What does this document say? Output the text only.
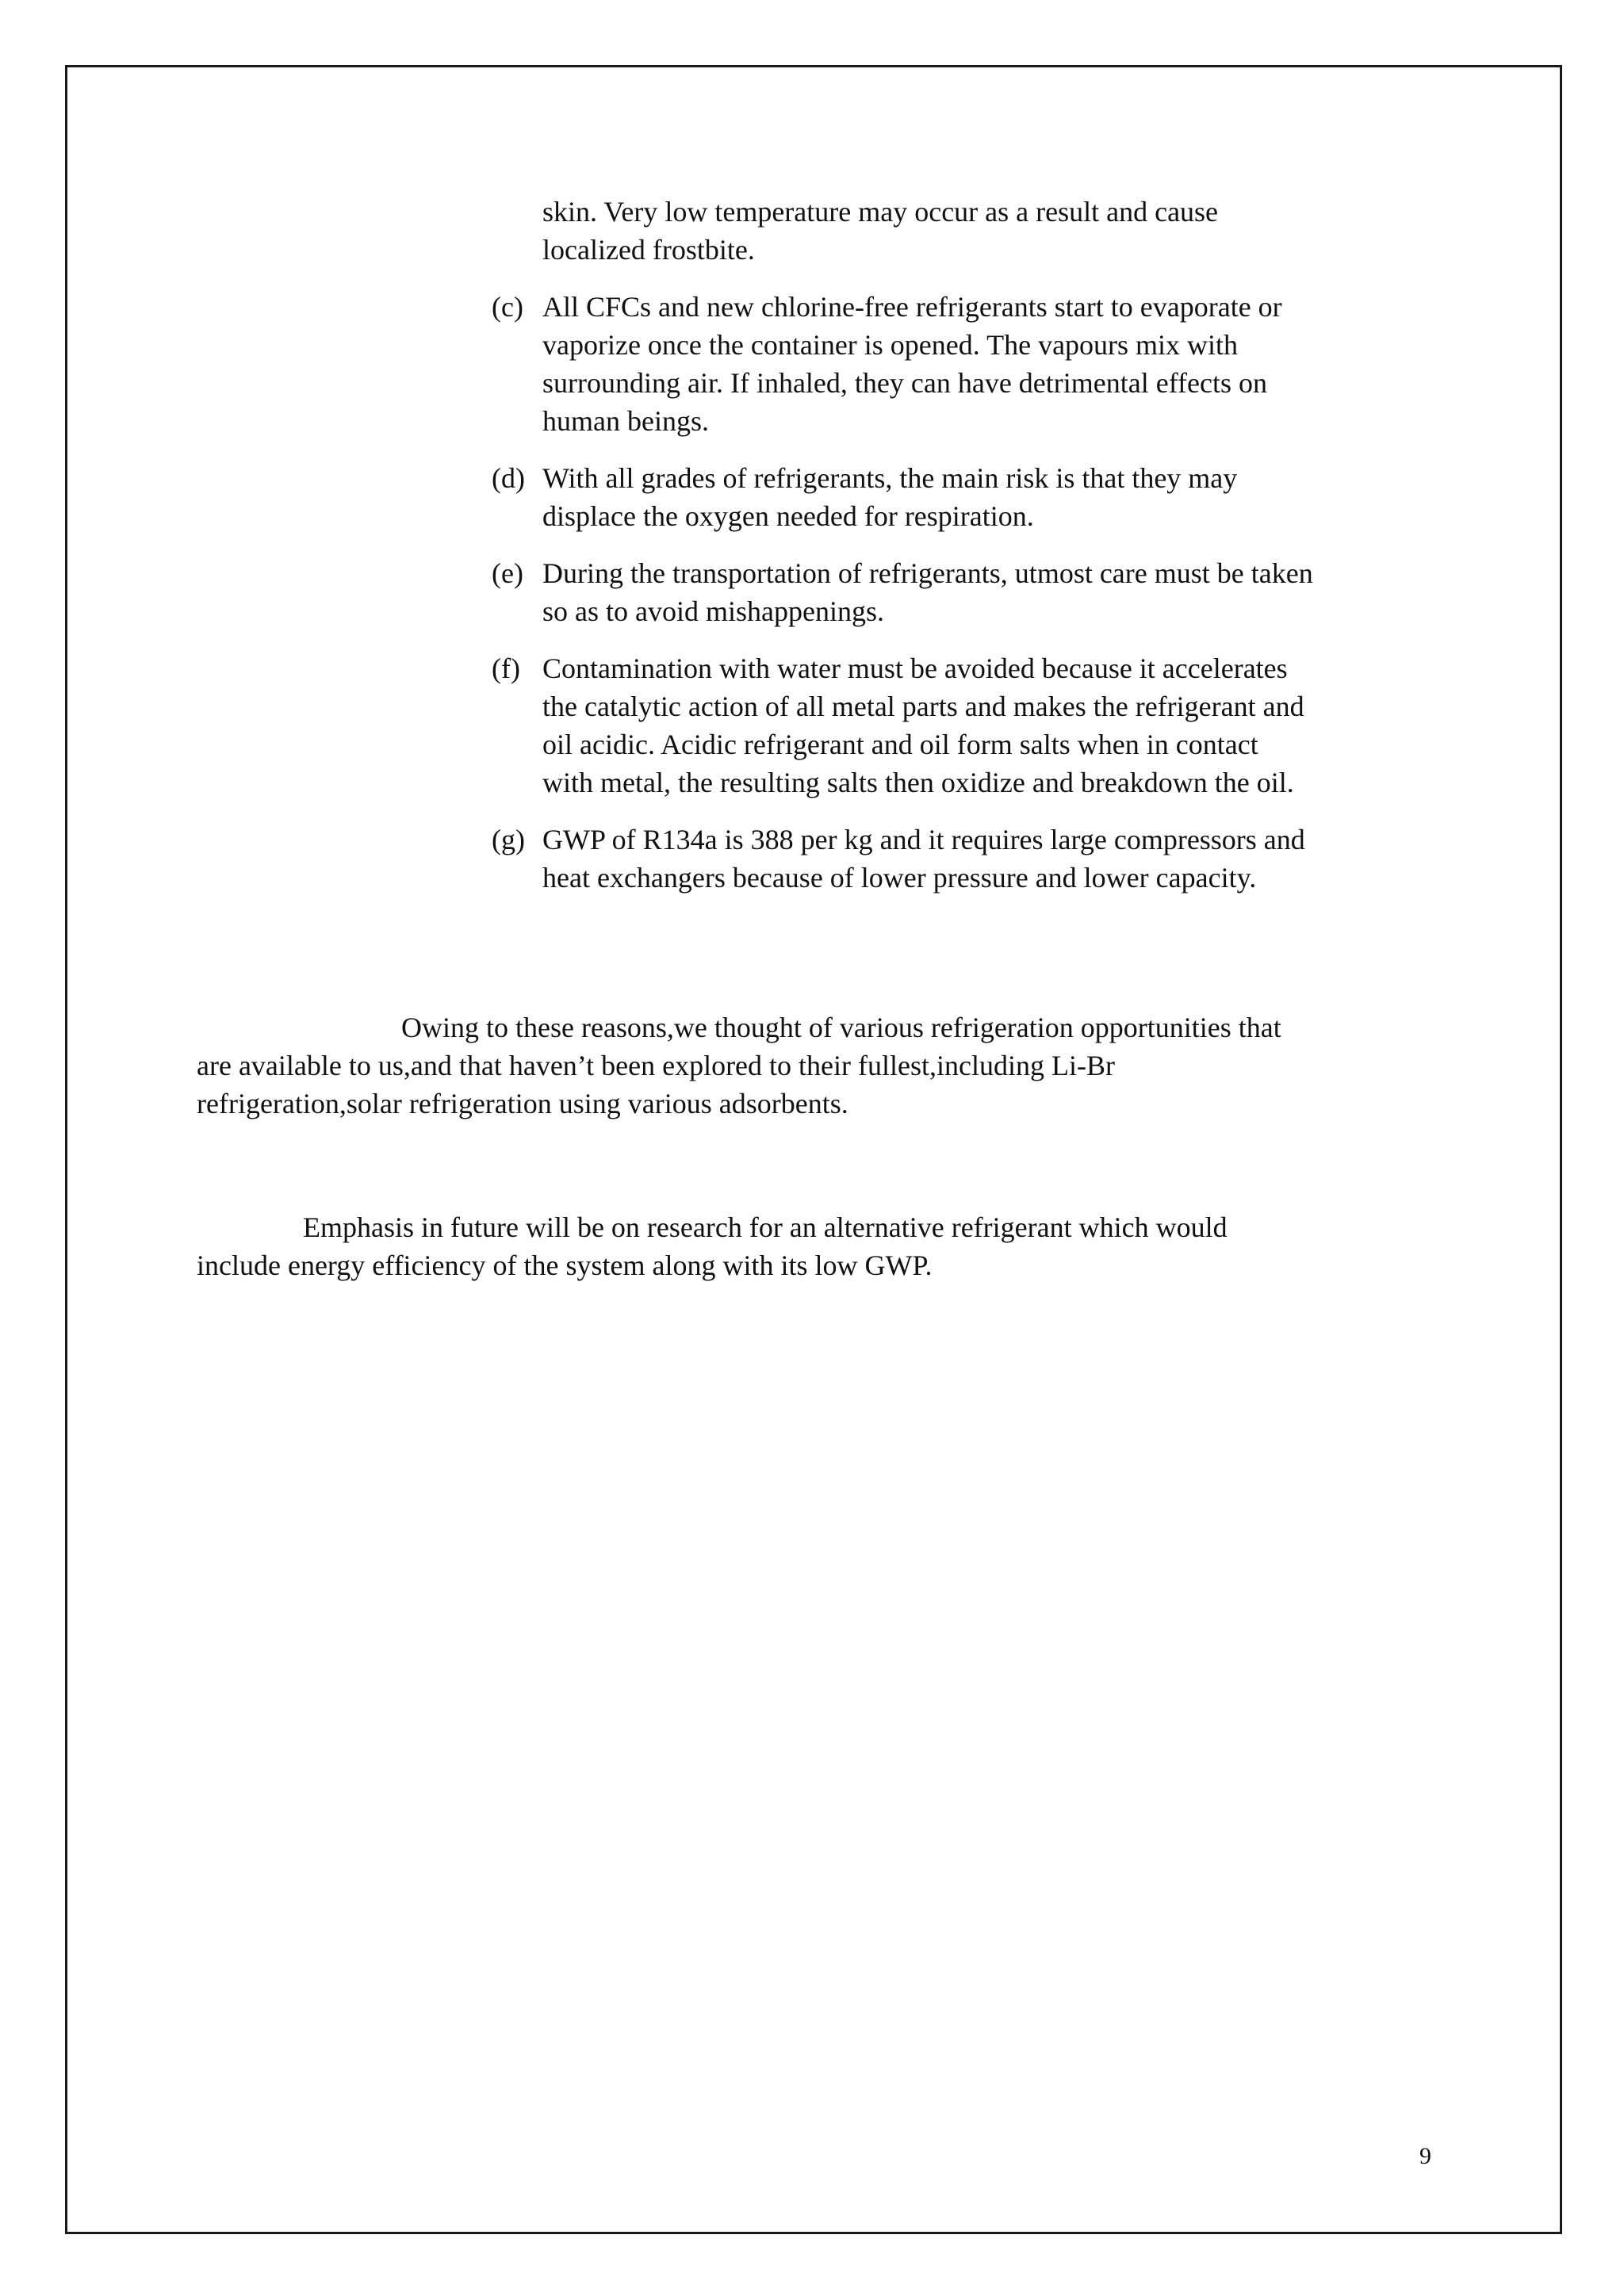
skin. Very low temperature may occur as a result and cause
localized frostbite.
(c) All CFCs and new chlorine-free refrigerants start to evaporate or
vaporize once the container is opened. The vapours mix with
surrounding air. If inhaled, they can have detrimental effects on
human beings.
(d) With all grades of refrigerants, the main risk is that they may
displace the oxygen needed for respiration.
(e) During the transportation of refrigerants, utmost care must be taken
so as to avoid mishappenings.
(f) Contamination with water must be avoided because it accelerates
the catalytic action of all metal parts and makes the refrigerant and
oil acidic. Acidic refrigerant and oil form salts when in contact
with metal, the resulting salts then oxidize and breakdown the oil.
(g) GWP of R134a is 388 per kg and it requires large compressors and
heat exchangers because of lower pressure and lower capacity.
Owing to these reasons,we thought of various refrigeration opportunities that
are available to us,and that haven’t been explored to their fullest,including Li-Br
refrigeration,solar refrigeration using various adsorbents.
Emphasis in future will be on research for an alternative refrigerant which would
include energy efficiency of the system along with its low GWP.
9
